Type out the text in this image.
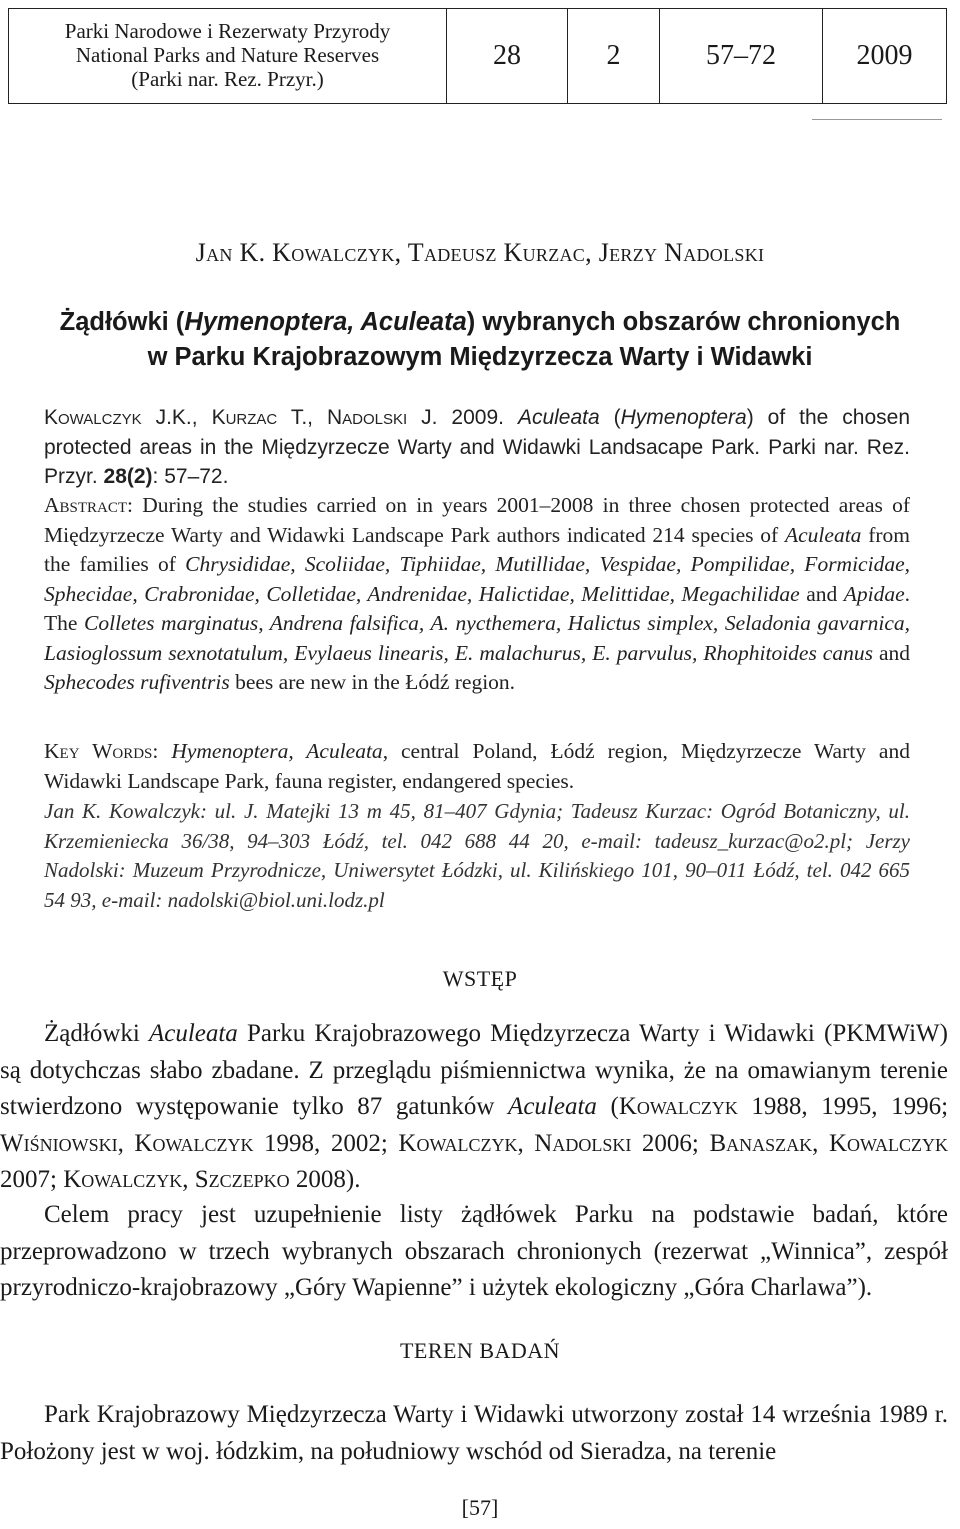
Parki Narodowe i Rezerwaty Przyrody
National Parks and Nature Reserves
(Parki nar. Rez. Przyr.)
28	2	57–72	2009
Jan K. Kowalczyk, Tadeusz Kurzac, Jerzy Nadolski
Żądłówki (Hymenoptera, Aculeata) wybranych obszarów chronionych
w Parku Krajobrazowym Międzyrzecza Warty i Widawki
Kowalczyk J.K., Kurzac T., Nadolski J. 2009. Aculeata (Hymenoptera) of the chosen protected areas in the Międzyrzecze Warty and Widawki Landsacape Park. Parki nar. Rez. Przyr. 28(2): 57–72.
Abstract: During the studies carried on in years 2001–2008 in three chosen protected areas of Międzyrzecze Warty and Widawki Landscape Park authors indicated 214 species of Aculeata from the families of Chrysididae, Scoliidae, Tiphiidae, Mutillidae, Vespidae, Pompilidae, Formicidae, Sphecidae, Crabronidae, Colletidae, Andrenidae, Halictidae, Melittidae, Megachilidae and Apidae. The Colletes marginatus, Andrena falsifica, A. nycthemera, Halictus simplex, Seladonia gavarnica, Lasioglossum sexnotatulum, Evylaeus linearis, E. malachurus, E. parvulus, Rhophitoides canus and Sphecodes rufiventris bees are new in the Łódź region.
Key Words: Hymenoptera, Aculeata, central Poland, Łódź region, Międzyrzecze Warty and Widawki Landscape Park, fauna register, endangered species.
Jan K. Kowalczyk: ul. J. Matejki 13 m 45, 81–407 Gdynia; Tadeusz Kurzac: Ogród Botaniczny, ul. Krzemieniecka 36/38, 94–303 Łódź, tel. 042 688 44 20, e-mail: tadeusz_kurzac@o2.pl; Jerzy Nadolski: Muzeum Przyrodnicze, Uniwersytet Łódzki, ul. Kilińskiego 101, 90–011 Łódź, tel. 042 665 54 93, e-mail: nadolski@biol.uni.lodz.pl
WSTĘP
Żądłówki Aculeata Parku Krajobrazowego Międzyrzecza Warty i Widawki (PKMWiW) są dotychczas słabo zbadane. Z przeglądu piśmiennictwa wynika, że na omawianym terenie stwierdzono występowanie tylko 87 gatunków Aculeata (Kowalczyk 1988, 1995, 1996; Wiśniowski, Kowalczyk 1998, 2002; Kowalczyk, Nadolski 2006; Banaszak, Kowalczyk 2007; Kowalczyk, Szczepko 2008).
Celem pracy jest uzupełnienie listy żądłówek Parku na podstawie badań, które przeprowadzono w trzech wybranych obszarach chronionych (rezerwat „Winnica”, zespół przyrodniczo-krajobrazowy „Góry Wapienne” i użytek ekologiczny „Góra Charlawa”).
TEREN BADAŃ
Park Krajobrazowy Międzyrzecza Warty i Widawki utworzony został 14 września 1989 r. Położony jest w woj. łódzkim, na południowy wschód od Sieradza, na terenie
[57]
